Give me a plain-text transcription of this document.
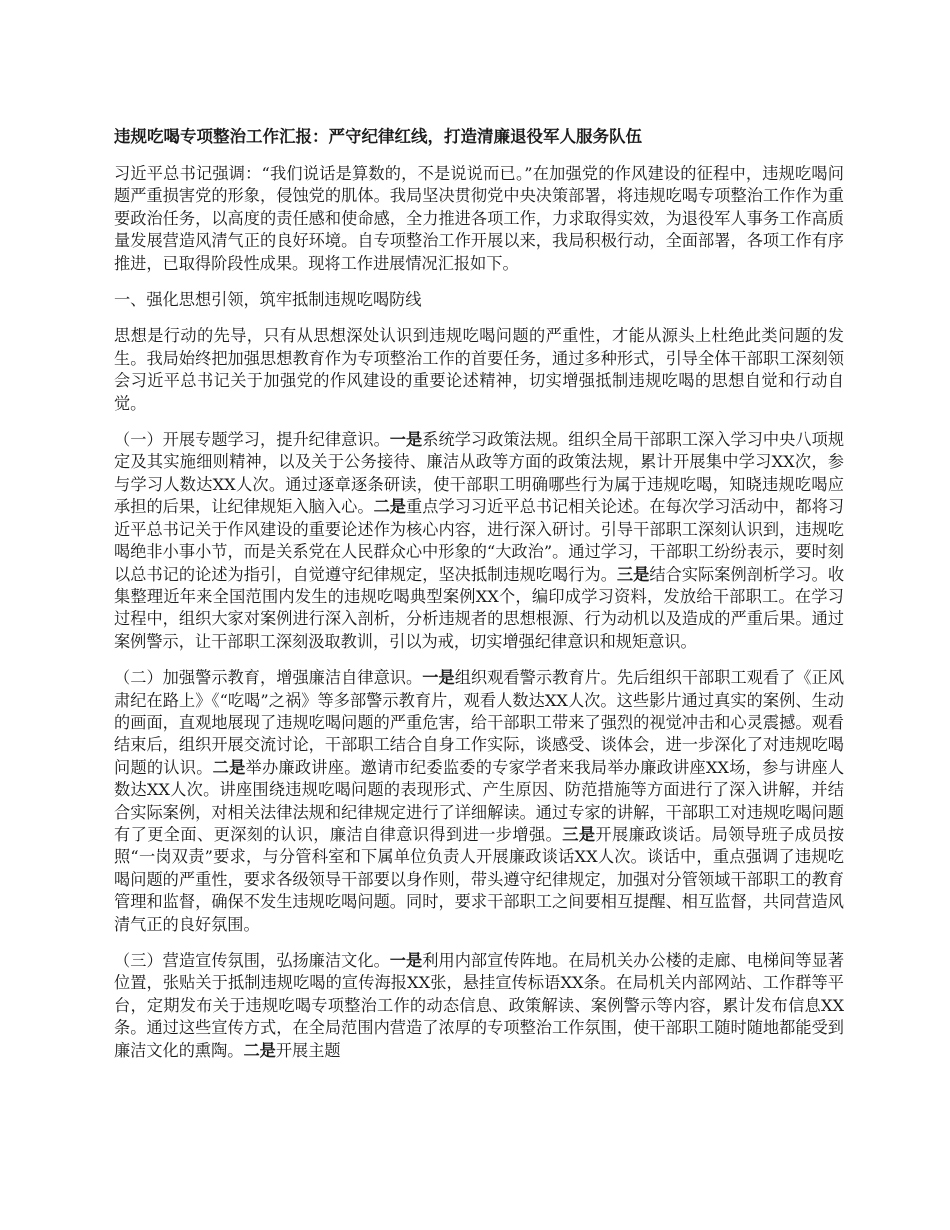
违规吃喝专项整治工作汇报：严守纪律红线，打造清廉退役军人服务队伍

习近平总书记强调：“我们说话是算数的，不是说说而已。”在加强党的作风建设的征程中，违规吃喝问题严重损害党的形象，侵蚀党的肌体。我局坚决贯彻党中央决策部署，将违规吃喝专项整治工作作为重要政治任务，以高度的责任感和使命感，全力推进各项工作，力求取得实效，为退役军人事务工作高质量发展营造风清气正的良好环境。自专项整治工作开展以来，我局积极行动，全面部署，各项工作有序推进，已取得阶段性成果。现将工作进展情况汇报如下。

一、强化思想引领，筑牢抵制违规吃喝防线

思想是行动的先导，只有从思想深处认识到违规吃喝问题的严重性，才能从源头上杜绝此类问题的发生。我局始终把加强思想教育作为专项整治工作的首要任务，通过多种形式，引导全体干部职工深刻领会习近平总书记关于加强党的作风建设的重要论述精神，切实增强抵制违规吃喝的思想自觉和行动自觉。

（一）开展专题学习，提升纪律意识。一是系统学习政策法规。组织全局干部职工深入学习中央八项规定及其实施细则精神，以及关于公务接待、廉洁从政等方面的政策法规，累计开展集中学习XX次，参与学习人数达XX人次。通过逐章逐条研读，使干部职工明确哪些行为属于违规吃喝，知晓违规吃喝应承担的后果，让纪律规矩入脑入心。二是重点学习习近平总书记相关论述。在每次学习活动中，都将习近平总书记关于作风建设的重要论述作为核心内容，进行深入研讨。引导干部职工深刻认识到，违规吃喝绝非小事小节，而是关系党在人民群众心中形象的“大政治”。通过学习，干部职工纷纷表示，要时刻以总书记的论述为指引，自觉遵守纪律规定，坚决抵制违规吃喝行为。三是结合实际案例剖析学习。收集整理近年来全国范围内发生的违规吃喝典型案例XX个，编印成学习资料，发放给干部职工。在学习过程中，组织大家对案例进行深入剖析，分析违规者的思想根源、行为动机以及造成的严重后果。通过案例警示，让干部职工深刻汲取教训，引以为戒，切实增强纪律意识和规矩意识。

（二）加强警示教育，增强廉洁自律意识。一是组织观看警示教育片。先后组织干部职工观看了《正风肃纪在路上》《“吃喝”之祸》等多部警示教育片，观看人数达XX人次。这些影片通过真实的案例、生动的画面，直观地展现了违规吃喝问题的严重危害，给干部职工带来了强烈的视觉冲击和心灵震撼。观看结束后，组织开展交流讨论，干部职工结合自身工作实际，谈感受、谈体会，进一步深化了对违规吃喝问题的认识。二是举办廉政讲座。邀请市纪委监委的专家学者来我局举办廉政讲座XX场，参与讲座人数达XX人次。讲座围绕违规吃喝问题的表现形式、产生原因、防范措施等方面进行了深入讲解，并结合实际案例，对相关法律法规和纪律规定进行了详细解读。通过专家的讲解，干部职工对违规吃喝问题有了更全面、更深刻的认识，廉洁自律意识得到进一步增强。三是开展廉政谈话。局领导班子成员按照“一岗双责”要求，与分管科室和下属单位负责人开展廉政谈话XX人次。谈话中，重点强调了违规吃喝问题的严重性，要求各级领导干部要以身作则，带头遵守纪律规定，加强对分管领域干部职工的教育管理和监督，确保不发生违规吃喝问题。同时，要求干部职工之间要相互提醒、相互监督，共同营造风清气正的良好氛围。

（三）营造宣传氛围，弘扬廉洁文化。一是利用内部宣传阵地。在局机关办公楼的走廊、电梯间等显著位置，张贴关于抵制违规吃喝的宣传海报XX张，悬挂宣传标语XX条。在局机关内部网站、工作群等平台，定期发布关于违规吃喝专项整治工作的动态信息、政策解读、案例警示等内容，累计发布信息XX条。通过这些宣传方式，在全局范围内营造了浓厚的专项整治工作氛围，使干部职工随时随地都能受到廉洁文化的熏陶。二是开展主题
